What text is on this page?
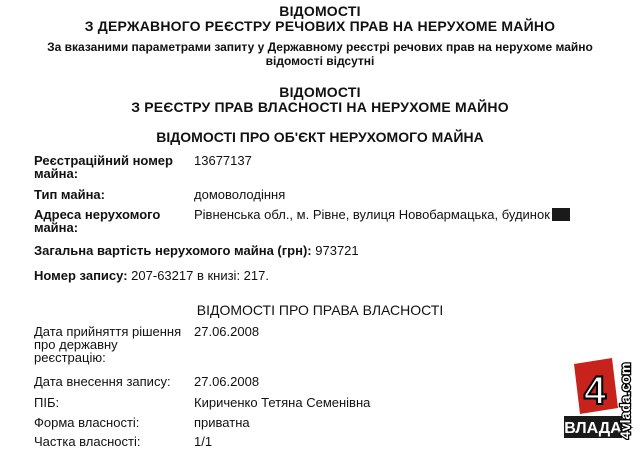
ВІДОМОСТІ
З ДЕРЖАВНОГО РЕЄСТРУ РЕЧОВИХ ПРАВ НА НЕРУХОМЕ МАЙНО
За вказаними параметрами запиту у Державному реєстрі речових прав на нерухоме майно
відомості відсутні
ВІДОМОСТІ
З РЕЄСТРУ ПРАВ ВЛАСНОСТІ НА НЕРУХОМЕ МАЙНО
ВІДОМОСТІ ПРО ОБ'ЄКТ НЕРУХОМОГО МАЙНА
Реєстраційний номер
майна:
13677137
Тип майна:	домоволодіння
Адреса нерухомого
майна:
Рівненська обл., м. Рівне, вулиця Новобармацька, будинок
Загальна вартість нерухомого майна (грн): 973721
Номер запису: 207-63217 в книзі: 217.
ВІДОМОСТІ ПРО ПРАВА ВЛАСНОСТІ
Дата прийняття рішення
про державну
реєстрацію:
27.06.2008
Дата внесення запису: 27.06.2008
ПІБ:	Кириченко Тетяна Семенівна
Форма власності:	приватна
Частка власності:	1/1
4
ВЛАДА
4vlada.com
